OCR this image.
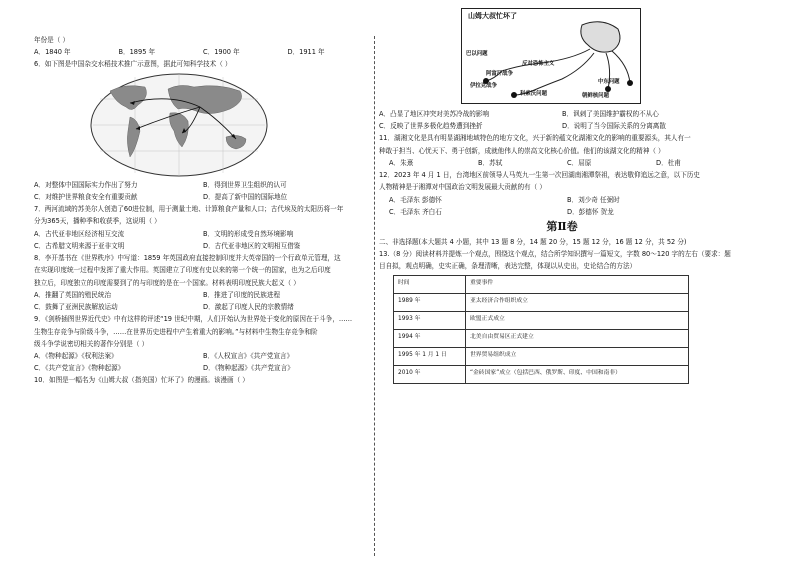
年份是（ ）
A．1840 年	B．1895 年	C．1900 年	D．1911 年
6．如下图是中国杂交水稻技术推广示意图，据此可知科学技术（ ）
A．对整体中国国际实力作出了努力	B．得到世界卫生组织的认可
C．对维护世界粮食安全有重要贡献	D．提高了新中国的国际地位
7．两河流域的苏美尔人创造了60进位制，用于测量土地、计算粮食产量和人口；古代埃及的太阳历将一年
分为365天，播种季和收获季，这说明（ ）
A．古代亚非地区经济相互交流	B．文明的形成受自然环境影响
C．古希腊文明来源于亚非文明	D．古代亚非地区的文明相互借鉴
8．李开基书在《世界秩序》中写道：1859 年英国政府直接控制印度并大英帝国的一个行政单元管理，这
在实现印度统一过程中发挥了重大作用。英国建立了印度有史以来的第一个统一的国家，也为之后印度
独立后，印度独立的印度需要到了的与印度的是在一个国家。材料表明印度民族大起义（ ）
A．推翻了英国的殖民统治	B．推进了印度的民族进程
C．鼓舞了亚洲民族解放运动	D．激起了印度人民的宗教情绪
9．《剑桥插图世界近代史》中有这样的评述“19 世纪中期，人们开始认为世界处于变化的原因在于斗争，……
生物生存竞争与阶级斗争，……在世界历史进程中产生着重大的影响。”与材料中生物生存竞争和阶
级斗争学说密切相关的著作分别是（ ）
A．《物种起源》《权利法案》	B．《人权宣言》《共产党宣言》
C．《共产党宣言》《物种起源》	D．《物种起源》《共产党宣言》
10．如图是一幅名为《山姆大叔（指美国）忙坏了》的漫画。该漫画（ ）
山姆大叔忙坏了
巴以问题
阿富汗战争
伊拉克战争
反对恐怖主义
科索沃问题
中东问题
朝鲜核问题
A．凸显了地区冲突对美苏冷战的影响	B．讽刺了美国维护霸权的不从心
C．反映了世界多极化趋势遭到挫折	D．说明了当今国际关系的分离离散
11．湖湘文化是具有明显湖湘地域特色的地方文化，兴于新的蕴文化湖湘文化的影响的重要源头，其人有一
种敢于担当、心忧天下、勇于创新，成就他伟人的崇高文化核心价值。他们的该湖文化的精神（ ）
A．朱熹	B．苏轼	C．屈原	D．杜甫
12．2023 年 4 月 1 日，台湾地区前领导人马英九一生第一次回湖南湘潭祭祖，表达敬仰追远之意，以下历史
人物精神是于湘潭对中国政治文明发展最大贡献的有（ ）
A．毛泽东 彭德怀	B．刘少奇 任弼时
C．毛泽东 齐白石	D．彭德怀 贺龙
第Ⅱ卷
二、非选择题(本大题共 4 小题，其中 13 题 8 分，14 题 20 分，15 题 12 分，16 题 12 分，共 52 分)
13.（8 分）阅读材料并提炼一个观点，围绕这个观点，结合所学知识撰写一篇短文，字数 80～120 字的左右（要求：题
目自拟，观点明确，史实正确，条理清晰，表达完整，体现以从史出，史论结合的方法）
时间	重要事件
1989 年	亚太经济合作组织成立
1993 年	欧盟正式成立
1994 年	北美自由贸易区正式建立
1995 年 1 月 1 日	世界贸易组织成立
2010 年	“金砖国家”成立（包括巴西、俄罗斯、印度、中国和南非）
